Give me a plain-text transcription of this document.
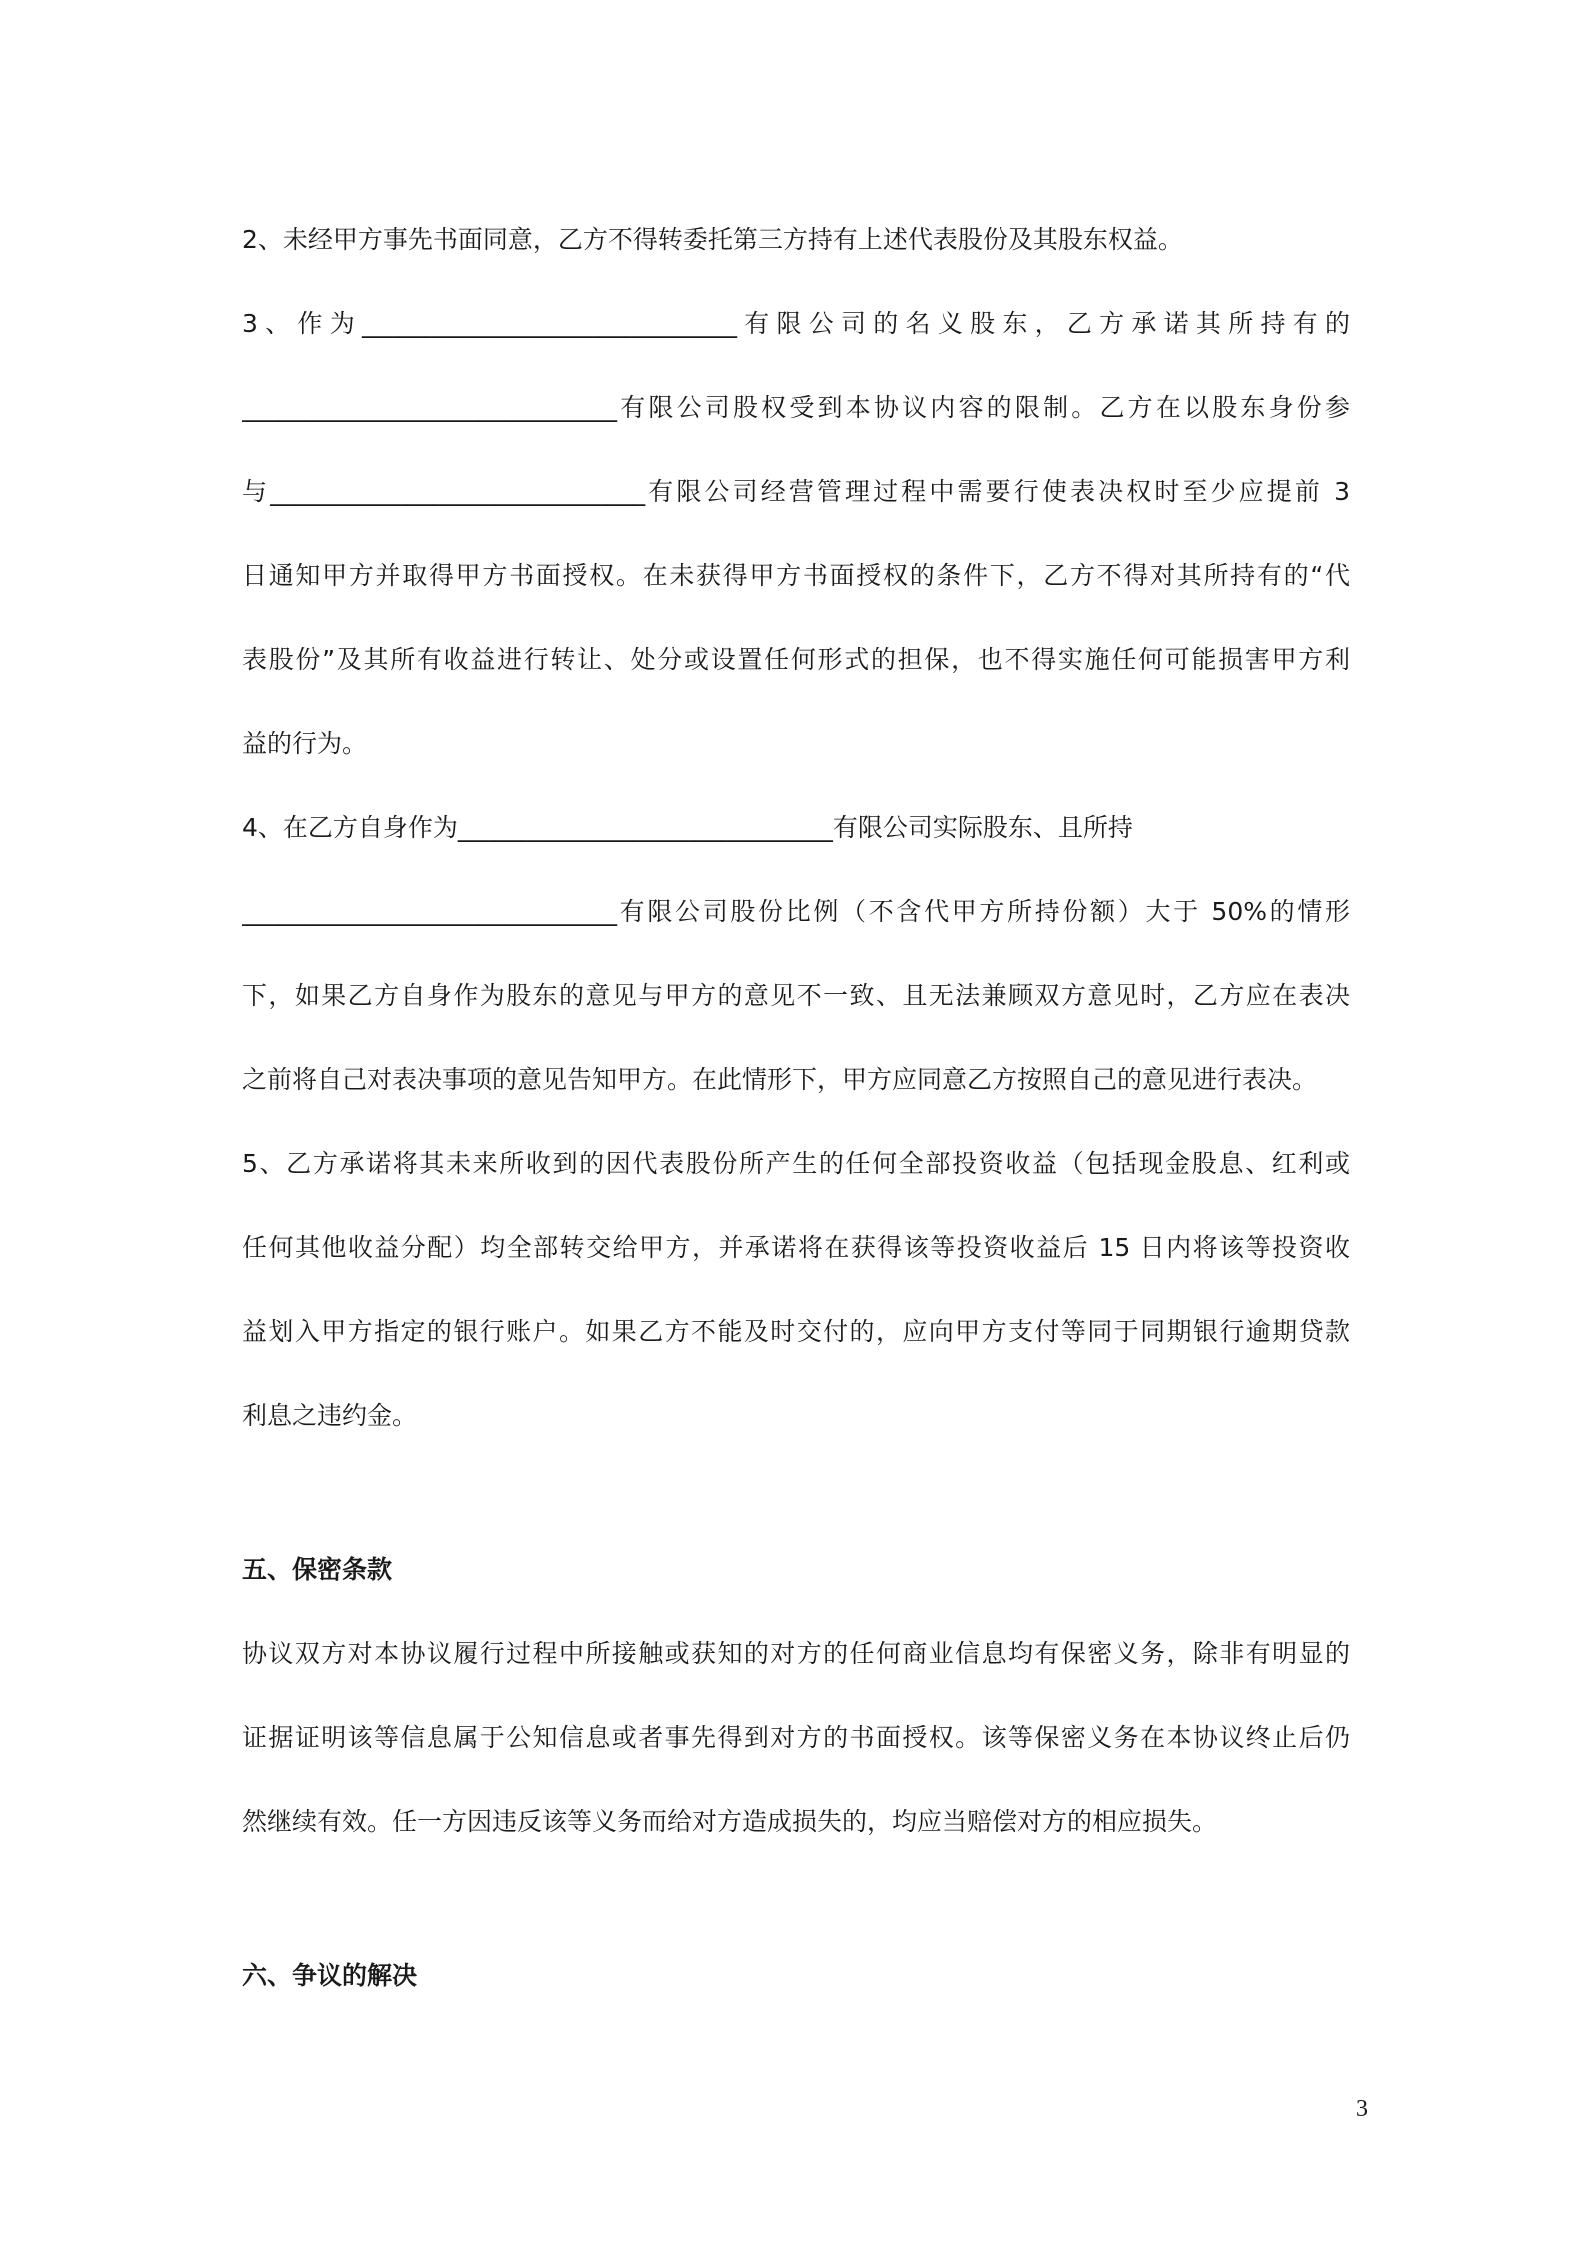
2、未经甲方事先书面同意，乙方不得转委托第三方持有上述代表股份及其股东权益。
3、作为______________________________有限公司的名义股东，乙方承诺其所持有的
______________________________有限公司股权受到本协议内容的限制。乙方在以股东身份参
与______________________________有限公司经营管理过程中需要行使表决权时至少应提前 3
日通知甲方并取得甲方书面授权。在未获得甲方书面授权的条件下，乙方不得对其所持有的“代
表股份”及其所有收益进行转让、处分或设置任何形式的担保，也不得实施任何可能损害甲方利
益的行为。
4、在乙方自身作为______________________________有限公司实际股东、且所持
______________________________有限公司股份比例（不含代甲方所持份额）大于 50%的情形
下，如果乙方自身作为股东的意见与甲方的意见不一致、且无法兼顾双方意见时，乙方应在表决
之前将自己对表决事项的意见告知甲方。在此情形下，甲方应同意乙方按照自己的意见进行表决。
5、乙方承诺将其未来所收到的因代表股份所产生的任何全部投资收益（包括现金股息、红利或
任何其他收益分配）均全部转交给甲方，并承诺将在获得该等投资收益后 15 日内将该等投资收
益划入甲方指定的银行账户。如果乙方不能及时交付的，应向甲方支付等同于同期银行逾期贷款
利息之违约金。
五、保密条款
协议双方对本协议履行过程中所接触或获知的对方的任何商业信息均有保密义务，除非有明显的
证据证明该等信息属于公知信息或者事先得到对方的书面授权。该等保密义务在本协议终止后仍
然继续有效。任一方因违反该等义务而给对方造成损失的，均应当赔偿对方的相应损失。
六、争议的解决
3
